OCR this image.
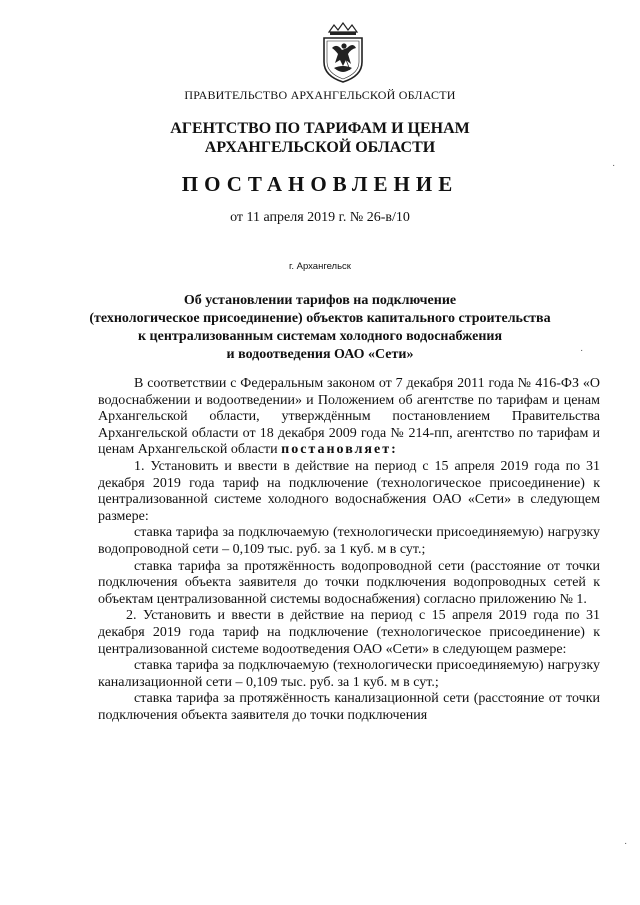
ПРАВИТЕЛЬСТВО АРХАНГЕЛЬСКОЙ ОБЛАСТИ
АГЕНТСТВО ПО ТАРИФАМ И ЦЕНАМ
АРХАНГЕЛЬСКОЙ ОБЛАСТИ
ПОСТАНОВЛЕНИЕ
от 11 апреля 2019 г. № 26-в/10
г. Архангельск
Об установлении тарифов на подключение
(технологическое присоединение) объектов капитального строительства
к централизованным системам холодного водоснабжения
и водоотведения ОАО «Сети»

В соответствии с Федеральным законом от 7 декабря 2011 года № 416-ФЗ «О водоснабжении и водоотведении» и Положением об агентстве по тарифам и ценам Архангельской области, утверждённым постановлением Правительства Архангельской области от 18 декабря 2009 года № 214-пп, агентство по тарифам и ценам Архангельской области постановляет:

1. Установить и ввести в действие на период с 15 апреля 2019 года по 31 декабря 2019 года тариф на подключение (технологическое присоединение) к централизованной системе холодного водоснабжения ОАО «Сети» в следующем размере:

ставка тарифа за подключаемую (технологически присоединяемую) нагрузку водопроводной сети – 0,109 тыс. руб. за 1 куб. м в сут.;

ставка тарифа за протяжённость водопроводной сети (расстояние от точки подключения объекта заявителя до точки подключения водопроводных сетей к объектам централизованной системы водоснабжения) согласно приложению № 1.

2. Установить и ввести в действие на период с 15 апреля 2019 года по 31 декабря 2019 года тариф на подключение (технологическое присоединение) к централизованной системе водоотведения ОАО «Сети» в следующем размере:

ставка тарифа за подключаемую (технологически присоединяемую) нагрузку канализационной сети – 0,109 тыс. руб. за 1 куб. м в сут.;

ставка тарифа за протяжённость канализационной сети (расстояние от точки подключения объекта заявителя до точки подключения

·
·
·
